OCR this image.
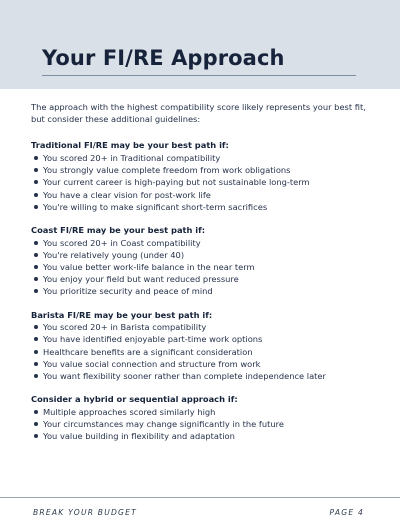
Your FI/RE Approach

The approach with the highest compatibility score likely represents your best fit, but consider these additional guidelines:

Traditional FI/RE may be your best path if:
You scored 20+ in Traditional compatibility
You strongly value complete freedom from work obligations
Your current career is high-paying but not sustainable long-term
You have a clear vision for post-work life
You're willing to make significant short-term sacrifices
Coast FI/RE may be your best path if:
You scored 20+ in Coast compatibility
You're relatively young (under 40)
You value better work-life balance in the near term
You enjoy your field but want reduced pressure
You prioritize security and peace of mind
Barista FI/RE may be your best path if:
You scored 20+ in Barista compatibility
You have identified enjoyable part-time work options
Healthcare benefits are a significant consideration
You value social connection and structure from work
You want flexibility sooner rather than complete independence later
Consider a hybrid or sequential approach if:
Multiple approaches scored similarly high
Your circumstances may change significantly in the future
You value building in flexibility and adaptation
BREAK YOUR BUDGET	PAGE 4
